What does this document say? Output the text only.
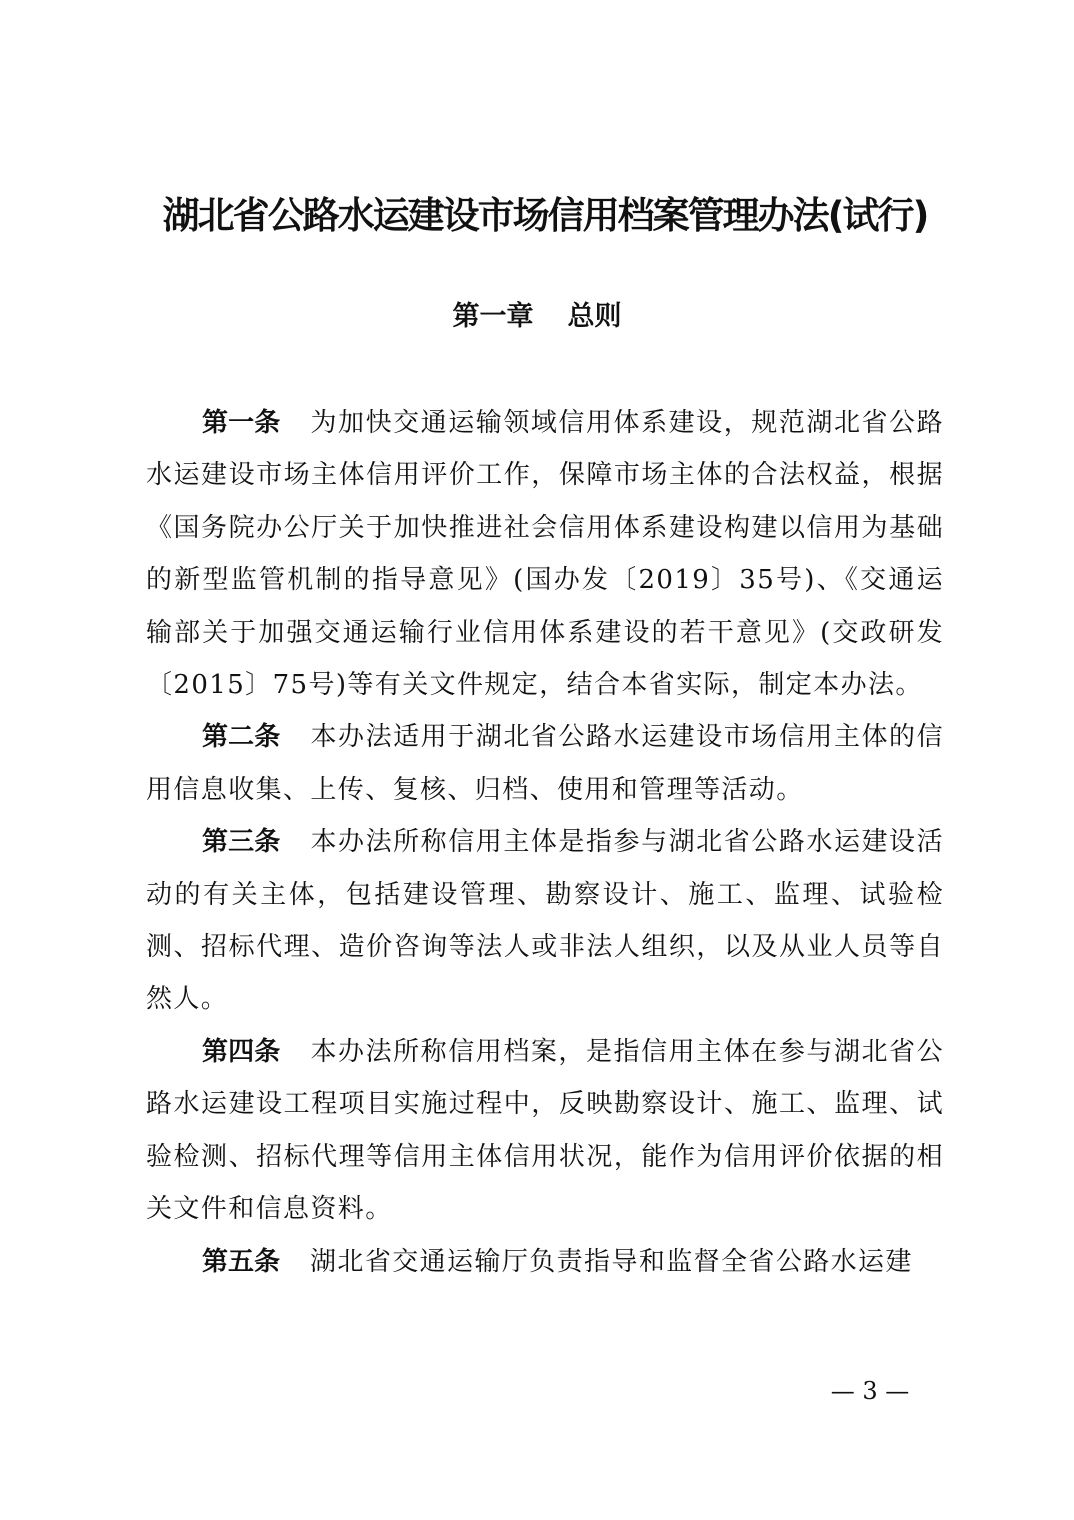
湖北省公路水运建设市场信用档案管理办法(试行)
第一章 总则

第一条 为加快交通运输领域信用体系建设，规范湖北省公路水运建设市场主体信用评价工作，保障市场主体的合法权益，根据《国务院办公厅关于加快推进社会信用体系建设构建以信用为基础的新型监管机制的指导意见》(国办发〔2019〕35号)、《交通运输部关于加强交通运输行业信用体系建设的若干意见》(交政研发〔2015〕75号)等有关文件规定，结合本省实际，制定本办法。

第二条 本办法适用于湖北省公路水运建设市场信用主体的信用信息收集、上传、复核、归档、使用和管理等活动。

第三条 本办法所称信用主体是指参与湖北省公路水运建设活动的有关主体，包括建设管理、勘察设计、施工、监理、试验检测、招标代理、造价咨询等法人或非法人组织，以及从业人员等自然人。

第四条 本办法所称信用档案，是指信用主体在参与湖北省公路水运建设工程项目实施过程中，反映勘察设计、施工、监理、试验检测、招标代理等信用主体信用状况，能作为信用评价依据的相关文件和信息资料。

第五条 湖北省交通运输厅负责指导和监督全省公路水运建

— 3 —
